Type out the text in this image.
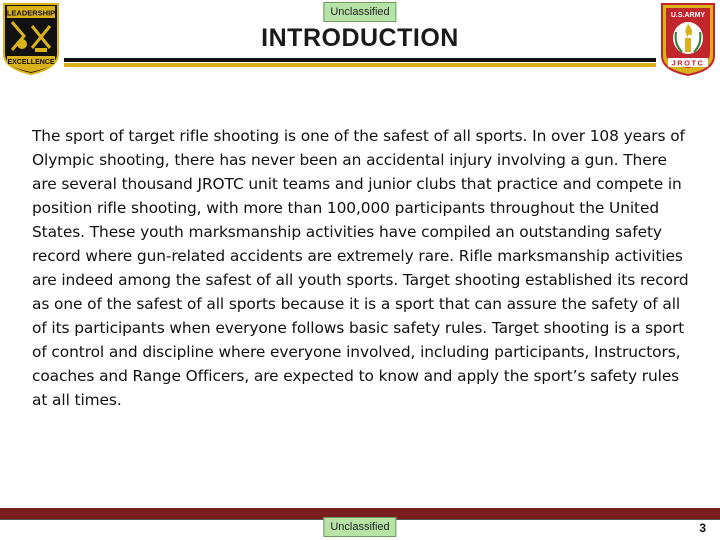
Unclassified
LEADERSHIP
EXCELLENCE
U.S.ARMY
JROTC
INTRODUCTION
The sport of target rifle shooting is one of the safest of all sports. In over 108 years of Olympic shooting, there has never been an accidental injury involving a gun. There are several thousand JROTC unit teams and junior clubs that practice and compete in position rifle shooting, with more than 100,000 participants throughout the United States. These youth marksmanship activities have compiled an outstanding safety record where gun-related accidents are extremely rare. Rifle marksmanship activities are indeed among the safest of all youth sports. Target shooting established its record as one of the safest of all sports because it is a sport that can assure the safety of all of its participants when everyone follows basic safety rules. Target shooting is a sport of control and discipline where everyone involved, including participants, Instructors, coaches and Range Officers, are expected to know and apply the sport’s safety rules at all times.
Unclassified	3
